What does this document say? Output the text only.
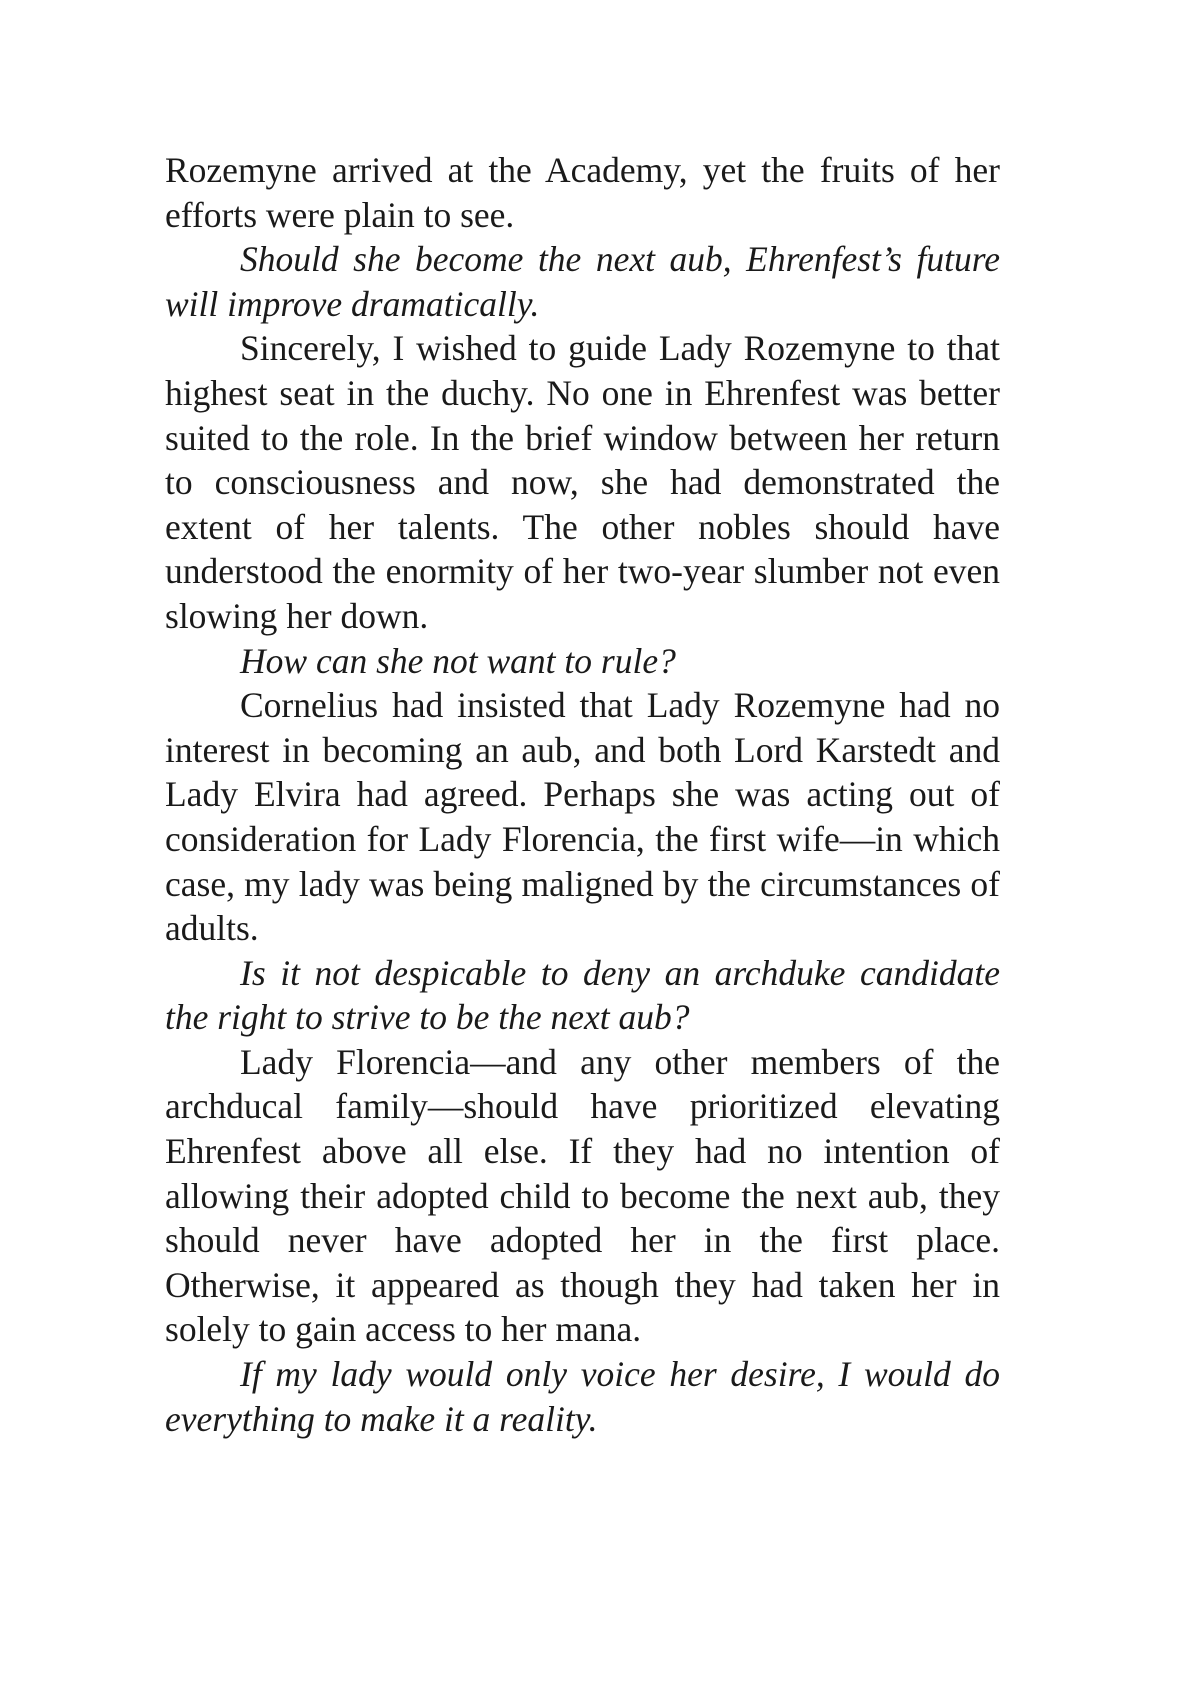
Rozemyne arrived at the Academy, yet the fruits of her efforts were plain to see.

Should she become the next aub, Ehrenfest’s future will improve dramatically.

Sincerely, I wished to guide Lady Rozemyne to that highest seat in the duchy. No one in Ehrenfest was better suited to the role. In the brief window between her return to consciousness and now, she had demonstrated the extent of her talents. The other nobles should have understood the enormity of her two-year slumber not even slowing her down.

How can she not want to rule?

Cornelius had insisted that Lady Rozemyne had no interest in becoming an aub, and both Lord Karstedt and Lady Elvira had agreed. Perhaps she was acting out of consideration for Lady Florencia, the first wife—in which case, my lady was being maligned by the circumstances of adults.

Is it not despicable to deny an archduke candidate the right to strive to be the next aub?

Lady Florencia—and any other members of the archducal family—should have prioritized elevating Ehrenfest above all else. If they had no intention of allowing their adopted child to become the next aub, they should never have adopted her in the first place. Otherwise, it appeared as though they had taken her in solely to gain access to her mana.

If my lady would only voice her desire, I would do everything to make it a reality.
